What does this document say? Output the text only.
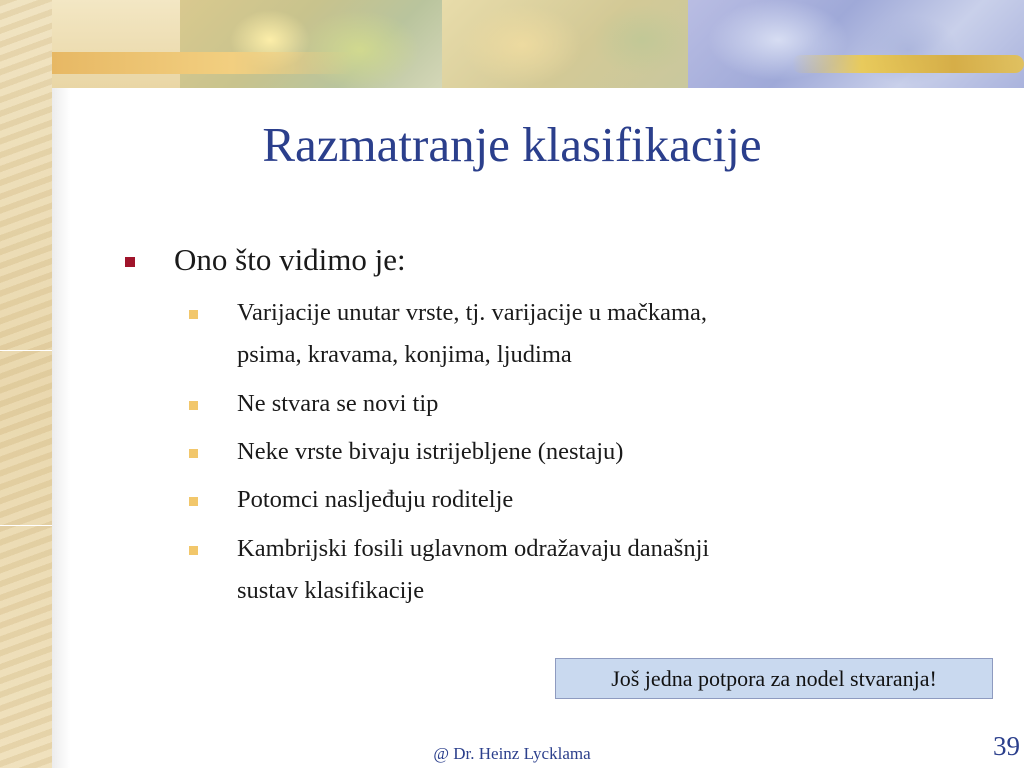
Razmatranje klasifikacije
Ono što vidimo je:
Varijacije unutar vrste, tj. varijacije u mačkama,
psima, kravama, konjima, ljudima
Ne stvara se novi tip
Neke vrste bivaju istrijebljene (nestaju)
Potomci nasljeđuju roditelje
Kambrijski fosili uglavnom odražavaju današnji
sustav klasifikacije
Još jedna potpora za nodel stvaranja!
@ Dr. Heinz Lycklama	39
